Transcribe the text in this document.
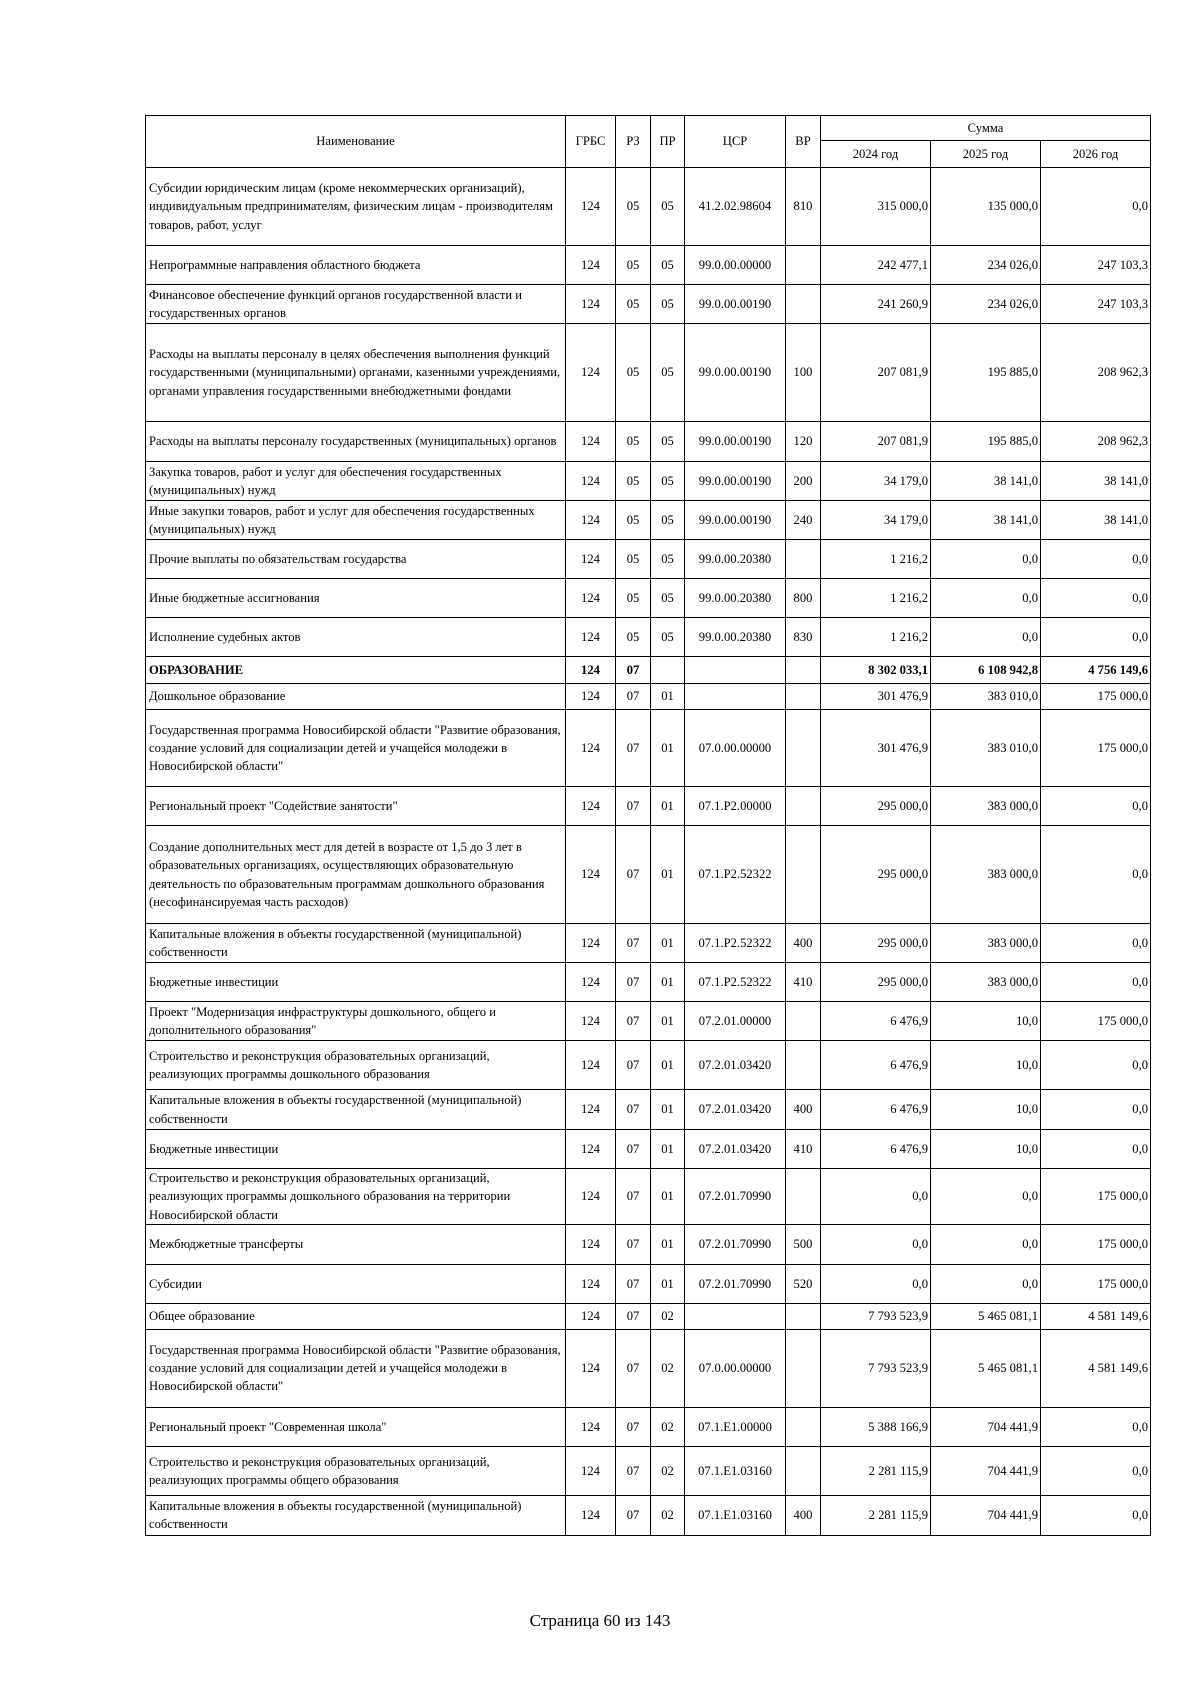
Наименование	ГРБС	РЗ	ПР	ЦСР	ВР	Сумма		
						2024 год	2025 год	2026 год
Субсидии юридическим лицам (кроме некоммерческих организаций), индивидуальным предпринимателям, физическим лицам - производителям товаров, работ, услуг	124	05	05	41.2.02.98604	810	315 000,0	135 000,0	0,0
Непрограммные направления областного бюджета	124	05	05	99.0.00.00000		242 477,1	234 026,0	247 103,3
Финансовое обеспечение функций органов государственной власти и государственных органов	124	05	05	99.0.00.00190		241 260,9	234 026,0	247 103,3
Расходы на выплаты персоналу в целях обеспечения выполнения функций государственными (муниципальными) органами, казенными учреждениями, органами управления государственными внебюджетными фондами	124	05	05	99.0.00.00190	100	207 081,9	195 885,0	208 962,3
Расходы на выплаты персоналу государственных (муниципальных) органов	124	05	05	99.0.00.00190	120	207 081,9	195 885,0	208 962,3
Закупка товаров, работ и услуг для обеспечения государственных (муниципальных) нужд	124	05	05	99.0.00.00190	200	34 179,0	38 141,0	38 141,0
Иные закупки товаров, работ и услуг для обеспечения государственных (муниципальных) нужд	124	05	05	99.0.00.00190	240	34 179,0	38 141,0	38 141,0
Прочие выплаты по обязательствам государства	124	05	05	99.0.00.20380		1 216,2	0,0	0,0
Иные бюджетные ассигнования	124	05	05	99.0.00.20380	800	1 216,2	0,0	0,0
Исполнение судебных актов	124	05	05	99.0.00.20380	830	1 216,2	0,0	0,0
ОБРАЗОВАНИЕ	124	07				8 302 033,1	6 108 942,8	4 756 149,6
Дошкольное образование	124	07	01			301 476,9	383 010,0	175 000,0
Государственная программа Новосибирской области "Развитие образования, создание условий для социализации детей и учащейся молодежи в Новосибирской области"	124	07	01	07.0.00.00000		301 476,9	383 010,0	175 000,0
Региональный проект "Содействие занятости"	124	07	01	07.1.P2.00000		295 000,0	383 000,0	0,0
Создание дополнительных мест для детей в возрасте от 1,5 до 3 лет в образовательных организациях, осуществляющих образовательную деятельность по образовательным программам дошкольного образования (несофинансируемая часть расходов)	124	07	01	07.1.P2.52322		295 000,0	383 000,0	0,0
Капитальные вложения в объекты государственной (муниципальной) собственности	124	07	01	07.1.P2.52322	400	295 000,0	383 000,0	0,0
Бюджетные инвестиции	124	07	01	07.1.P2.52322	410	295 000,0	383 000,0	0,0
Проект "Модернизация инфраструктуры дошкольного, общего и дополнительного образования"	124	07	01	07.2.01.00000		6 476,9	10,0	175 000,0
Строительство и реконструкция образовательных организаций, реализующих программы дошкольного образования	124	07	01	07.2.01.03420		6 476,9	10,0	0,0
Капитальные вложения в объекты государственной (муниципальной) собственности	124	07	01	07.2.01.03420	400	6 476,9	10,0	0,0
Бюджетные инвестиции	124	07	01	07.2.01.03420	410	6 476,9	10,0	0,0
Строительство и реконструкция образовательных организаций, реализующих программы дошкольного образования на территории Новосибирской области	124	07	01	07.2.01.70990		0,0	0,0	175 000,0
Межбюджетные трансферты	124	07	01	07.2.01.70990	500	0,0	0,0	175 000,0
Субсидии	124	07	01	07.2.01.70990	520	0,0	0,0	175 000,0
Общее образование	124	07	02			7 793 523,9	5 465 081,1	4 581 149,6
Государственная программа Новосибирской области "Развитие образования, создание условий для социализации детей и учащейся молодежи в Новосибирской области"	124	07	02	07.0.00.00000		7 793 523,9	5 465 081,1	4 581 149,6
Региональный проект "Современная школа"	124	07	02	07.1.E1.00000		5 388 166,9	704 441,9	0,0
Строительство и реконструкция образовательных организаций, реализующих программы общего образования	124	07	02	07.1.E1.03160		2 281 115,9	704 441,9	0,0
Капитальные вложения в объекты государственной (муниципальной) собственности	124	07	02	07.1.E1.03160	400	2 281 115,9	704 441,9	0,0
Страница 60 из 143
